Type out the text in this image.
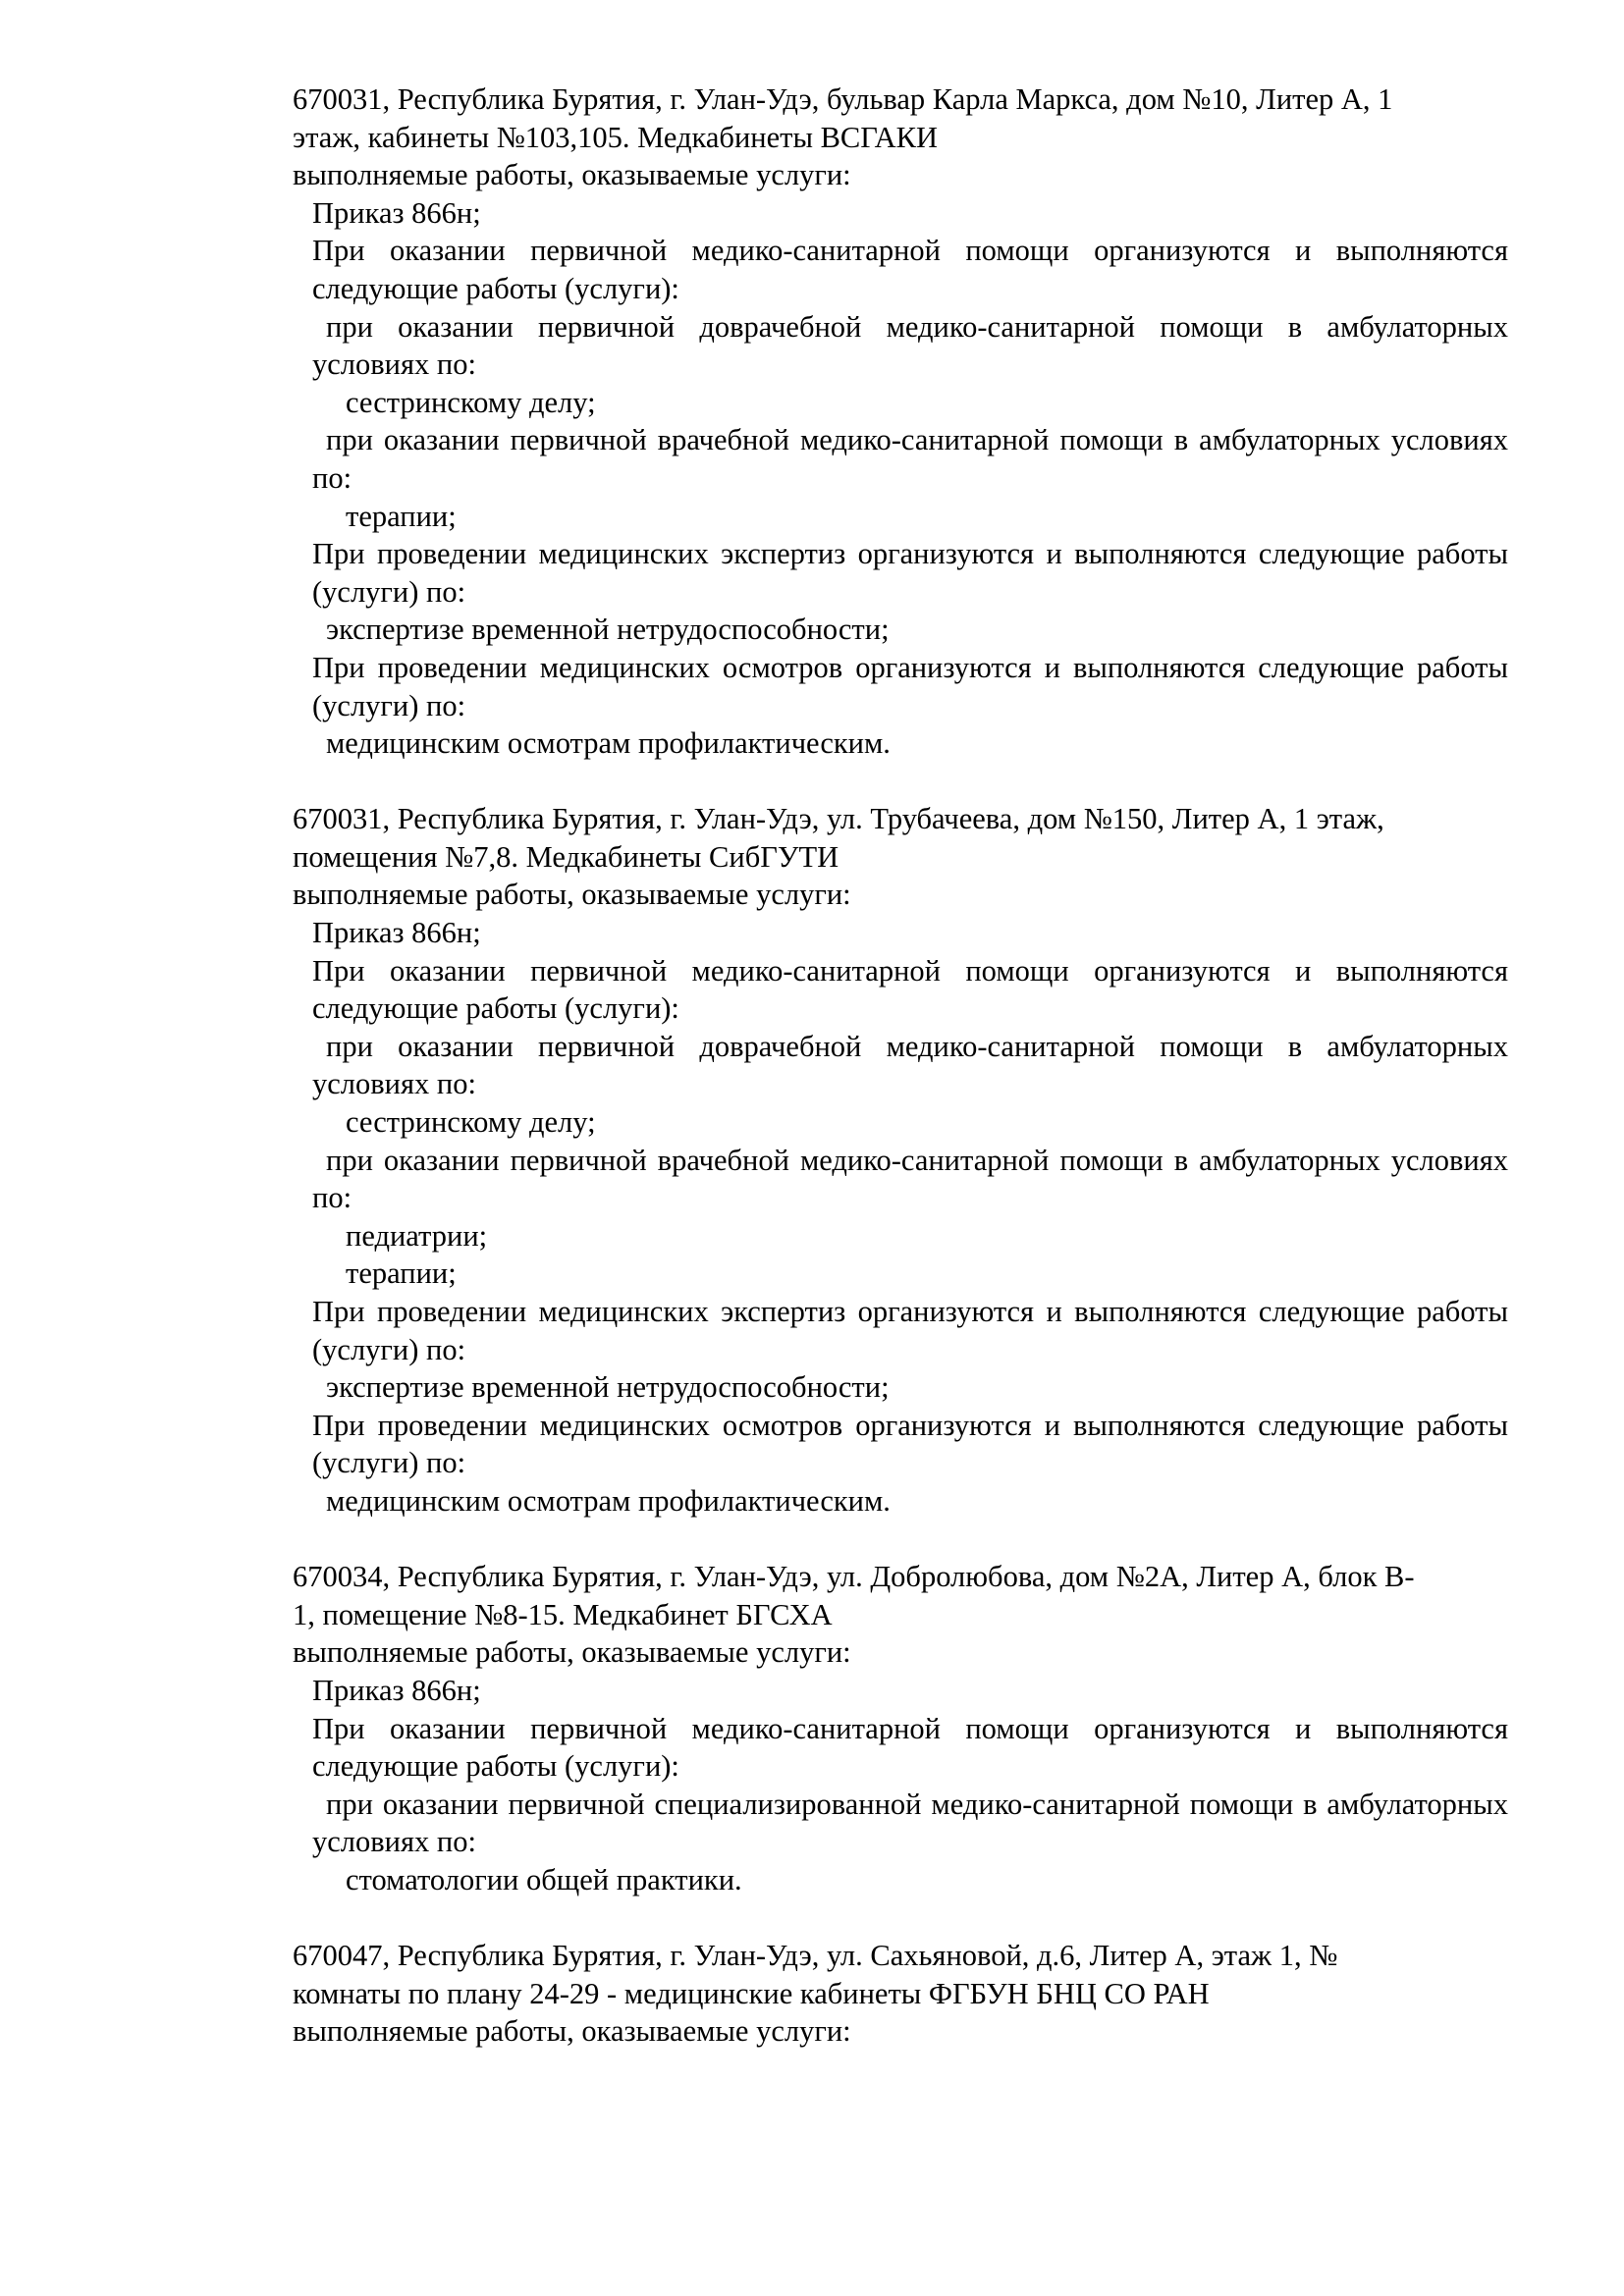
670031, Республика Бурятия, г. Улан-Удэ, бульвар Карла Маркса, дом №10, Литер А, 1
этаж, кабинеты №103,105. Медкабинеты ВСГАКИ
выполняемые работы, оказываемые услуги:
Приказ 866н;
При оказании первичной медико-санитарной помощи организуются и выполняются следующие работы (услуги):
при оказании первичной доврачебной медико-санитарной помощи в амбулаторных условиях по:
сестринскому делу;
при оказании первичной врачебной медико-санитарной помощи в амбулаторных условиях по:
терапии;
При проведении медицинских экспертиз организуются и выполняются следующие работы (услуги) по:
экспертизе временной нетрудоспособности;
При проведении медицинских осмотров организуются и выполняются следующие работы (услуги) по:
медицинским осмотрам профилактическим.
670031, Республика Бурятия, г. Улан-Удэ, ул. Трубачеева, дом №150, Литер А, 1 этаж,
помещения №7,8. Медкабинеты СибГУТИ
выполняемые работы, оказываемые услуги:
Приказ 866н;
При оказании первичной медико-санитарной помощи организуются и выполняются следующие работы (услуги):
при оказании первичной доврачебной медико-санитарной помощи в амбулаторных условиях по:
сестринскому делу;
при оказании первичной врачебной медико-санитарной помощи в амбулаторных условиях по:
педиатрии;
терапии;
При проведении медицинских экспертиз организуются и выполняются следующие работы (услуги) по:
экспертизе временной нетрудоспособности;
При проведении медицинских осмотров организуются и выполняются следующие работы (услуги) по:
медицинским осмотрам профилактическим.
670034, Республика Бурятия, г. Улан-Удэ, ул. Добролюбова, дом №2А, Литер А, блок В-
1, помещение №8-15. Медкабинет БГСХА
выполняемые работы, оказываемые услуги:
Приказ 866н;
При оказании первичной медико-санитарной помощи организуются и выполняются следующие работы (услуги):
при оказании первичной специализированной медико-санитарной помощи в амбулаторных условиях по:
стоматологии общей практики.
670047, Республика Бурятия, г. Улан-Удэ, ул. Сахьяновой, д.6, Литер А, этаж 1, №
комнаты по плану 24-29 - медицинские кабинеты ФГБУН БНЦ СО РАН
выполняемые работы, оказываемые услуги:
